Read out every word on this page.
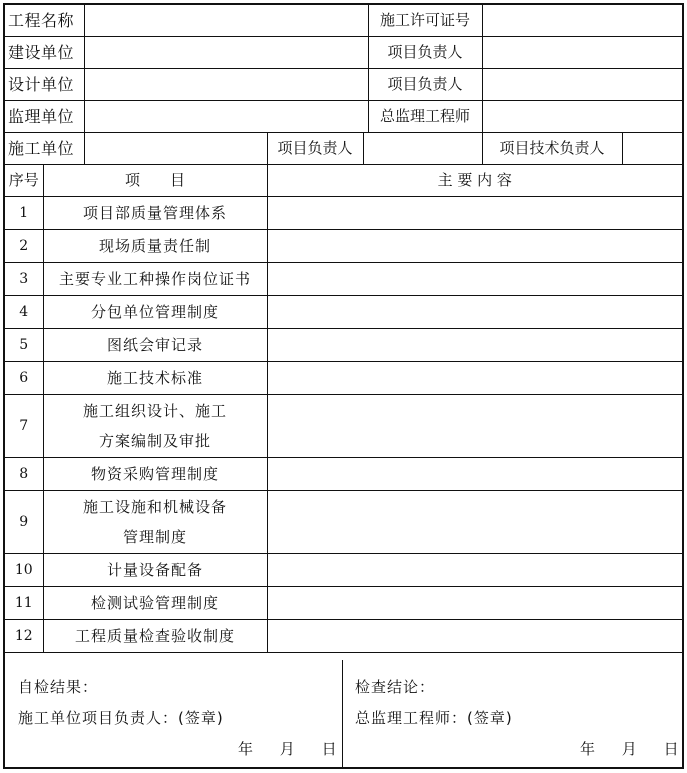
工程名称				施工许可证号		
建设单位				项目负责人		
设计单位				项目负责人		
监理单位				总监理工程师		
施工单位		项目负责人			项目技术负责人	
序号	项　　目	主 要 内 容
1	项目部质量管理体系	

2	现场质量责任制	

3	主要专业工种操作岗位证书	

4	分包单位管理制度	

5	图纸会审记录	

6	施工技术标准	

7	施工组织设计、施工
方案编制及审批	

8	物资采购管理制度	

9	施工设施和机械设备
管理制度	

10	计量设备配备	

11	检测试验管理制度	

12	工程质量检查验收制度	

自检结果：
施工单位项目负责人：(签章)
年 月 日
检查结论：
总监理工程师：(签章)
年 月 日
